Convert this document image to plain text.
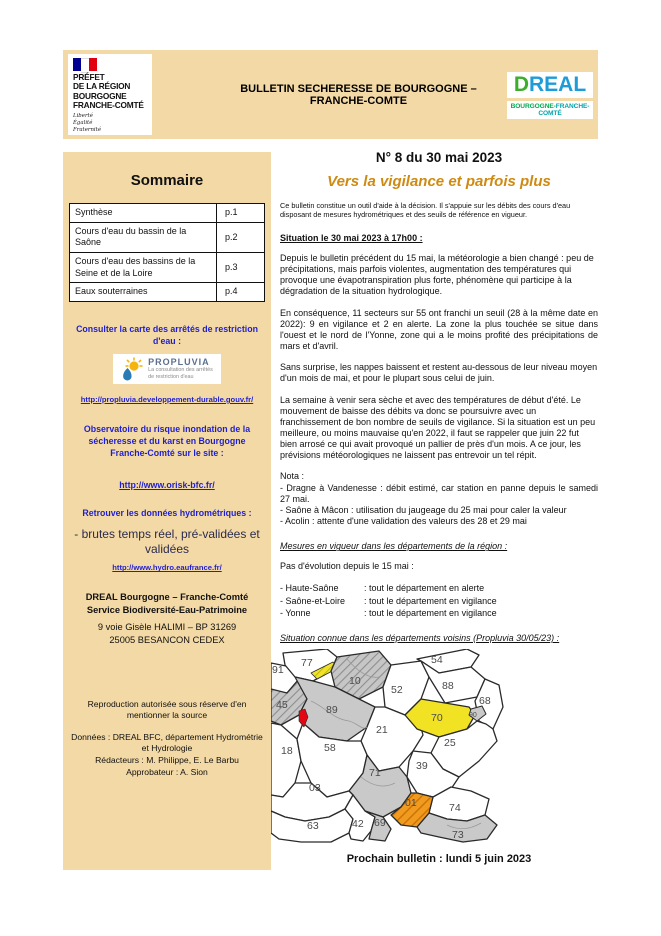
PRÉFET
DE LA RÉGION
BOURGOGNE
FRANCHE-COMTÉ
Liberté
Égalité
Fraternité
BULLETIN SECHERESSE DE BOURGOGNE – FRANCHE-COMTE
DREAL
BOURGOGNE-FRANCHE-COMTÉ
Sommaire
Synthèse	p.1
Cours d'eau du bassin de la Saône	p.2
Cours d'eau des bassins de la Seine et de la Loire	p.3
Eaux souterraines	p.4
Consulter la carte des arrêtés de restriction d'eau :
PROPLUVIA
La consultation des arrêtés
de restriction d'eau
http://propluvia.developpement-durable.gouv.fr/
Observatoire du risque inondation de la sécheresse et du karst en Bourgogne Franche-Comté sur le site :
http://www.orisk-bfc.fr/
Retrouver les données hydrométriques :
- brutes temps réel, pré-validées et validées
http://www.hydro.eaufrance.fr/
DREAL Bourgogne – Franche-Comté
Service Biodiversité-Eau-Patrimoine
9 voie Gisèle HALIMI – BP 31269
25005 BESANCON CEDEX
Reproduction autorisée sous réserve d'en
mentionner la source
Données : DREAL BFC, département Hydrométrie
et Hydrologie
Rédacteurs : M. Philippe, E. Le Barbu
Approbateur : A. Sion
N° 8 du 30 mai 2023
Vers la vigilance et parfois plus
Ce bulletin constitue un outil d'aide à la décision. Il s'appuie sur les débits des cours d'eau disposant de mesures hydrométriques et des seuils de référence en vigueur.
Situation le 30 mai 2023 à 17h00 :

Depuis le bulletin précédent du 15 mai, la météorologie a bien changé : peu de précipitations, mais parfois violentes, augmentation des températures qui provoque une évapotranspiration plus forte, phénomène qui participe à la dégradation de la situation hydrologique.

En conséquence, 11 secteurs sur 55 ont franchi un seuil (28 à la même date en 2022): 9 en vigilance et 2 en alerte. La zone la plus touchée se situe dans l'ouest et le nord de l'Yonne, zone qui a le moins profité des précipitations de mars et d'avril.

Sans surprise, les nappes baissent et restent au-dessous de leur niveau moyen d'un mois de mai, et pour le plupart sous celui de juin.

La semaine à venir sera sèche et avec des températures de début d'été. Le mouvement de baisse des débits va donc se poursuivre avec un franchissement de bon nombre de seuils de vigilance. Si la situation est un peu meilleure, ou moins mauvaise qu'en 2022, il faut se rappeler que juin 22 fut bien arrosé ce qui avait provoqué un pallier de près d'un mois. A ce jour, les prévisions météorologiques ne laissent pas entrevoir un tel répit.

Nota :
- Dragne à Vandenesse : débit estimé, car station en panne depuis le samedi 27 mai.
- Saône à Mâcon : utilisation du jaugeage du 25 mai pour caler la valeur
- Acolin : attente d'une validation des valeurs des 28 et 29 mai
Mesures en vigueur dans les départements de la région :

Pas d'évolution depuis le 15 mai :

- Haute-Saône	: tout le département en alerte
- Saône-et-Loire	: tout le département en vigilance
- Yonne	: tout le département en vigilance
Situation connue dans les départements voisins (Propluvia 30/05/23) :
91
77
45
10
52
54
88
68
89
21
70	90
25
18	58
39
71
03
63	42 69
01	74
73
Prochain bulletin : lundi 5 juin 2023
